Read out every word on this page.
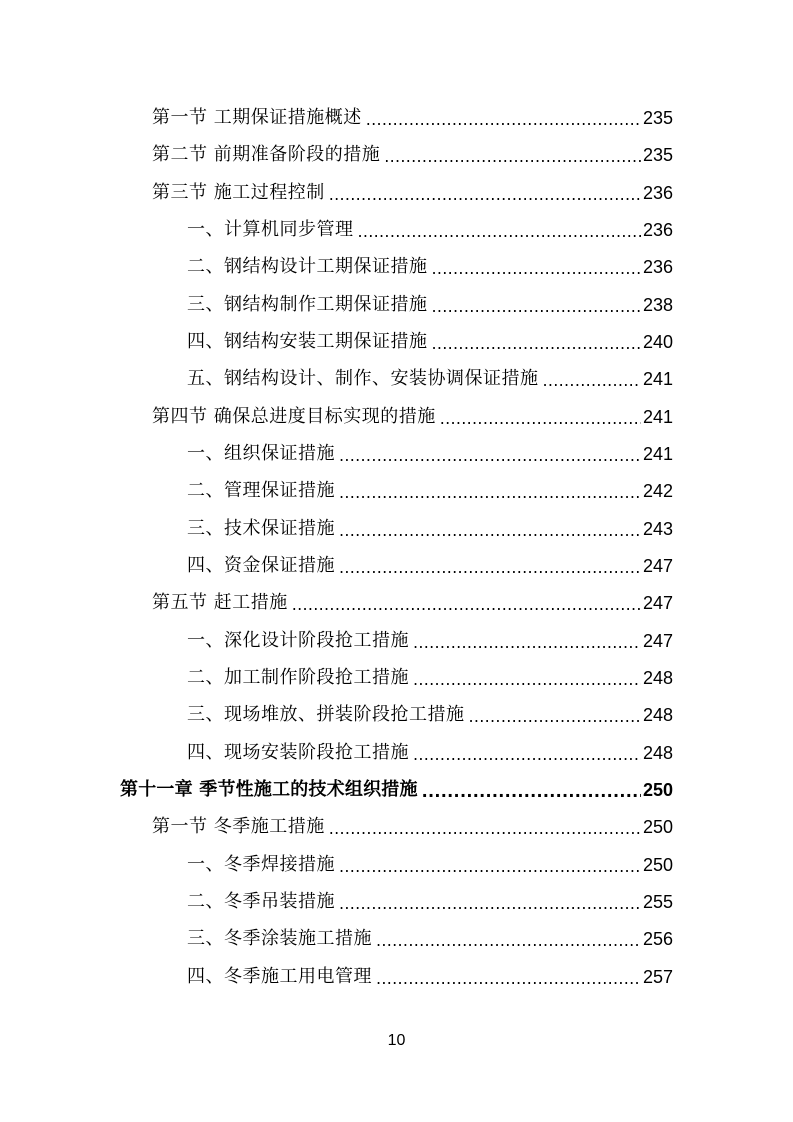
第一节 工期保证措施概述 .....	235
第二节 前期准备阶段的措施 .....	235
第三节 施工过程控制 .....	236
一、计算机同步管理 .....	236
二、钢结构设计工期保证措施 .....	236
三、钢结构制作工期保证措施 .....	238
四、钢结构安装工期保证措施 .....	240
五、钢结构设计、制作、安装协调保证措施 .....	241
第四节 确保总进度目标实现的措施 .....	241
一、组织保证措施 .....	241
二、管理保证措施 .....	242
三、技术保证措施 .....	243
四、资金保证措施 .....	247
第五节 赶工措施 .....	247
一、深化设计阶段抢工措施 .....	247
二、加工制作阶段抢工措施 .....	248
三、现场堆放、拼装阶段抢工措施 .....	248
四、现场安装阶段抢工措施 .....	248
第十一章 季节性施工的技术组织措施 .....	250
第一节 冬季施工措施 .....	250
一、冬季焊接措施 .....	250
二、冬季吊装措施 .....	255
三、冬季涂装施工措施 .....	256
四、冬季施工用电管理 .....	257
10
